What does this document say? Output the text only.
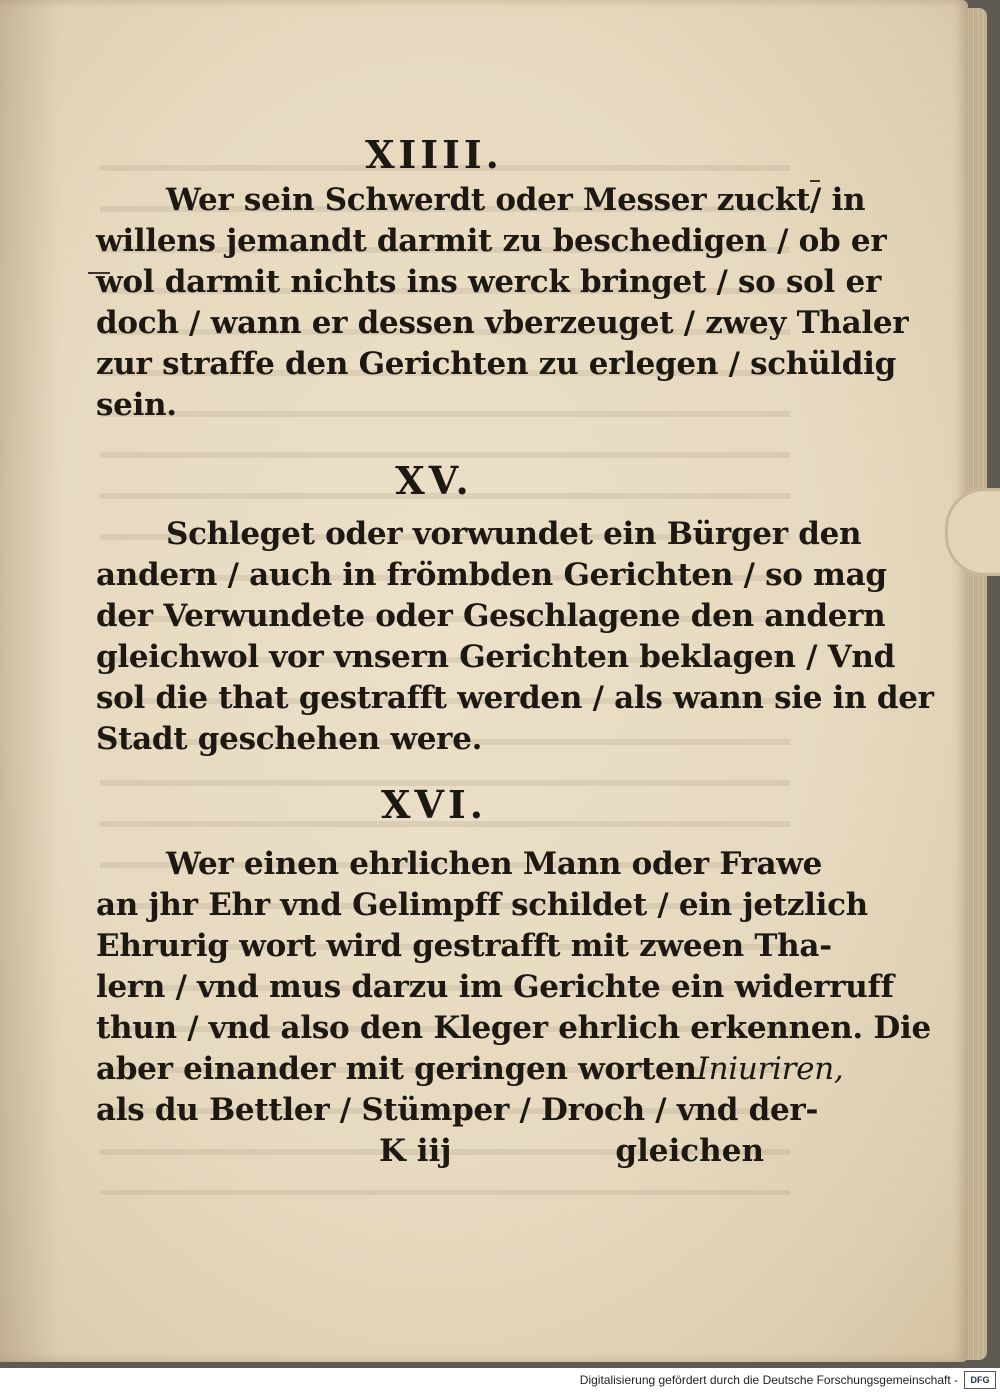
XIIII.
Wer sein Schwerdt oder Messer zuckt/ in
willens jemandt darmit zu beschedigen / ob er
wol darmit nichts ins werck bringet / so sol er
doch / wann er dessen vberzeuget / zwey Thaler
zur straffe den Gerichten zu erlegen / schüldig
sein.
XV.
Schleget oder vorwundet ein Bürger den
andern / auch in frömbden Gerichten / so mag
der Verwundete oder Geschlagene den andern
gleichwol vor vnsern Gerichten beklagen / Vnd
sol die that gestrafft werden / als wann sie in der
Stadt geschehen were.
XVI.
Wer einen ehrlichen Mann oder Frawe
an jhr Ehr vnd Gelimpff schildet / ein jetzlich
Ehrurig wort wird gestrafft mit zween Tha-
lern / vnd mus darzu im Gerichte ein widerruff
thun / vnd also den Kleger ehrlich erkennen. Die
aber einander mit geringen worten Iniuriren,
als du Bettler / Stümper / Droch / vnd der-
K iij	gleichen
Digitalisierung gefördert durch die Deutsche Forschungsgemeinschaft -	DFG
